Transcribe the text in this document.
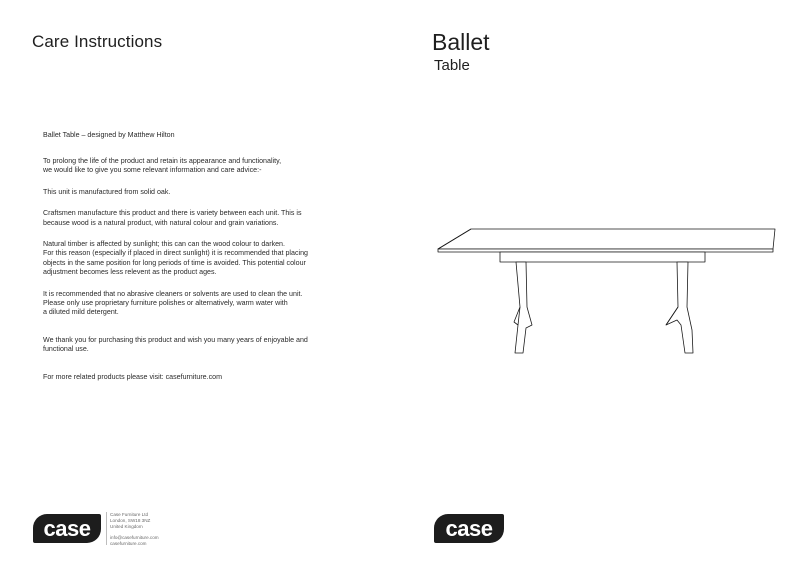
Care Instructions	Ballet
Table

Ballet Table – designed by Matthew Hilton

To prolong the life of the product and retain its appearance and functionality,

we would like to give you some relevant information and care advice:-

This unit is manufactured from solid oak.

Craftsmen manufacture this product and there is variety between each unit. This is

because wood is a natural product, with natural colour and grain variations.

Natural timber is affected by sunlight; this can can the wood colour to darken.

For this reason (especially if placed in direct sunlight) it is recommended that placing

objects in the same position for long periods of time is avoided. This potential colour

adjustment becomes less relevent as the product ages.

It is recommended that no abrasive cleaners or solvents are used to clean the unit.

Please only use proprietary furniture polishes or alternatively, warm water with

a diluted mild detergent.

We thank you for purchasing this product and wish you many years of enjoyable and

functional use.

For more related products please visit: casefurniture.com

case
Case Furniture Ltd
London, SW18 3NZ
United Kingdom
info@casefurniture.com
casefurniture.com
case
